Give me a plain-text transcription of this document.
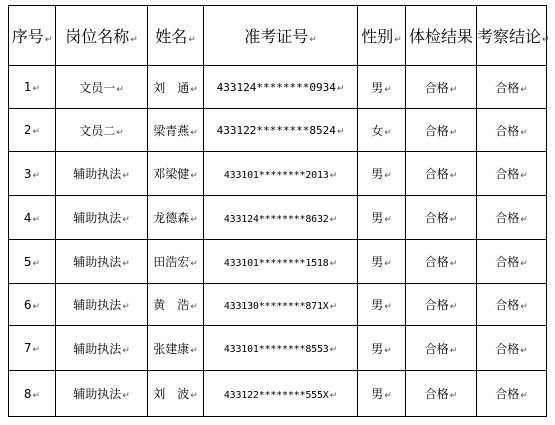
序号↵	岗位名称↵	姓名↵	准考证号↵	性别↵	体检结果	考察结论↵
1↵	文员一↵	刘　通↵	433124********0934↵	男↵	合格↵	合格↵
2↵	文员二↵	梁青燕↵	433122********8524↵	女↵	合格↵	合格↵
3↵	辅助执法↵	邓梁健↵	433101********2013↵	男↵	合格↵	合格↵
4↵	辅助执法↵	龙德森↵	433124********8632↵	男↵	合格↵	合格↵
5↵	辅助执法↵	田浩宏↵	433101********1518↵	男↵	合格↵	合格↵
6↵	辅助执法↵	黄　浩↵	433130********871X↵	男↵	合格↵	合格↵
7↵	辅助执法↵	张建康↵	433101********8553↵	男↵	合格↵	合格↵
8↵	辅助执法↵	刘　波↵	433122********555X↵	男↵	合格↵	合格↵
